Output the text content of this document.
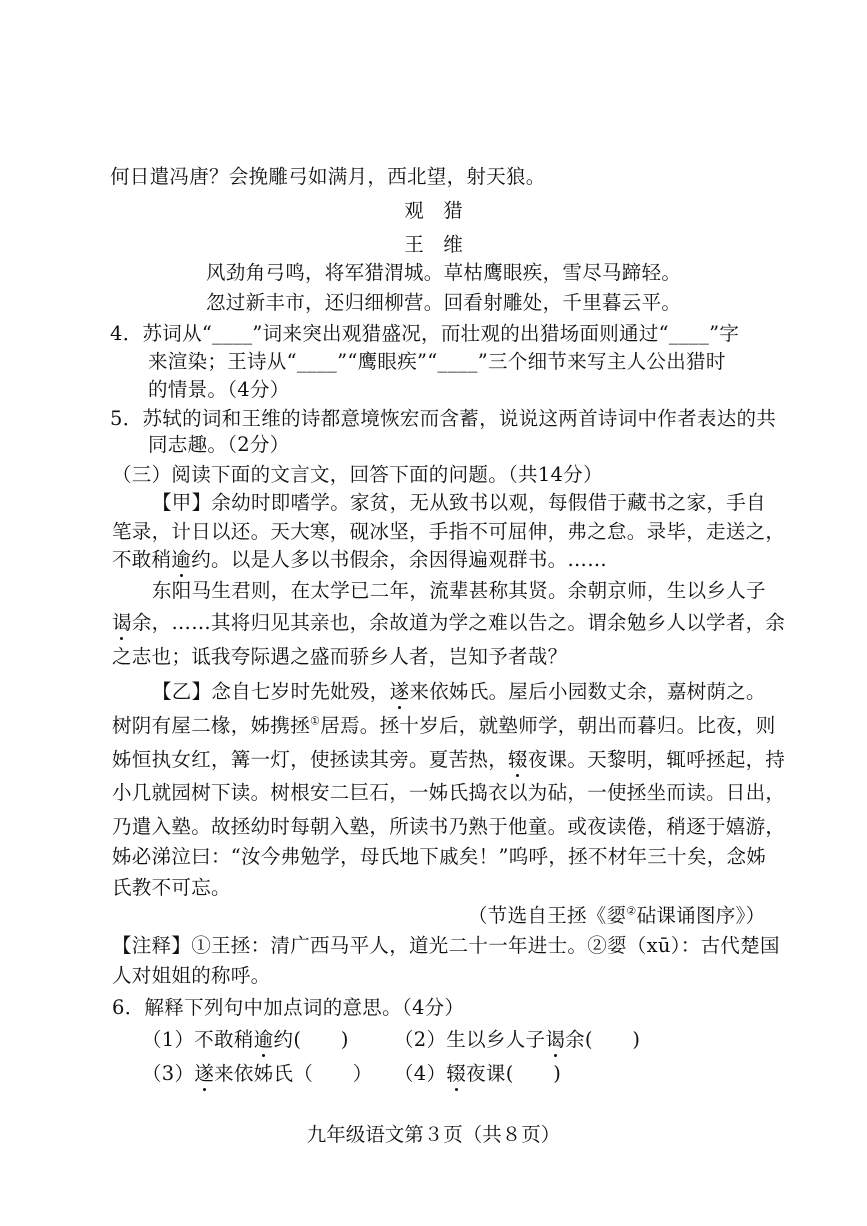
何日遣冯唐？会挽雕弓如满月，西北望，射天狼。
观　猎
王　维
风劲角弓鸣，将军猎渭城。草枯鹰眼疾，雪尽马蹄轻。
忽过新丰市，还归细柳营。回看射雕处，千里暮云平。
4．苏词从“____”词来突出观猎盛况，而壮观的出猎场面则通过“____”字
来渲染；王诗从“____”“鹰眼疾”“____”三个细节来写主人公出猎时
的情景。（4分）
5．苏轼的词和王维的诗都意境恢宏而含蓄，说说这两首诗词中作者表达的共
同志趣。（2分）
（三）阅读下面的文言文，回答下面的问题。（共14分）
【甲】余幼时即嗜学。家贫，无从致书以观，每假借于藏书之家，手自
笔录，计日以还。天大寒，砚冰坚，手指不可屈伸，弗之怠。录毕，走送之，
不敢稍逾约。以是人多以书假余，余因得遍观群书。……
东阳马生君则，在太学已二年，流辈甚称其贤。余朝京师，生以乡人子
谒余，……其将归见其亲也，余故道为学之难以告之。谓余勉乡人以学者，余
之志也；诋我夸际遇之盛而骄乡人者，岂知予者哉？
【乙】念自七岁时先妣殁，遂来依姊氏。屋后小园数丈余，嘉树荫之。
树阴有屋二椽，姊携拯①居焉。拯十岁后，就塾师学，朝出而暮归。比夜，则
姊恒执女红，篝一灯，使拯读其旁。夏苦热，辍夜课。天黎明，辄呼拯起，持
小几就园树下读。树根安二巨石，一姊氏捣衣以为砧，一使拯坐而读。日出，
乃遣入塾。故拯幼时每朝入塾，所读书乃熟于他童。或夜读倦，稍逐于嬉游，
姊必涕泣曰：“汝今弗勉学，母氏地下戚矣！”呜呼，拯不材年三十矣，念姊
氏教不可忘。
（节选自王拯《媭②砧课诵图序》）
【注释】①王拯：清广西马平人，道光二十一年进士。②媭（xū）：古代楚国
人对姐姐的称呼。
6．解释下列句中加点词的意思。（4分）
（1）不敢稍逾约(　　) （2）生以乡人子谒余(　　)
（3）遂来依姊氏（　　） （4）辍夜课(　　)
九年级语文第３页（共８页）
